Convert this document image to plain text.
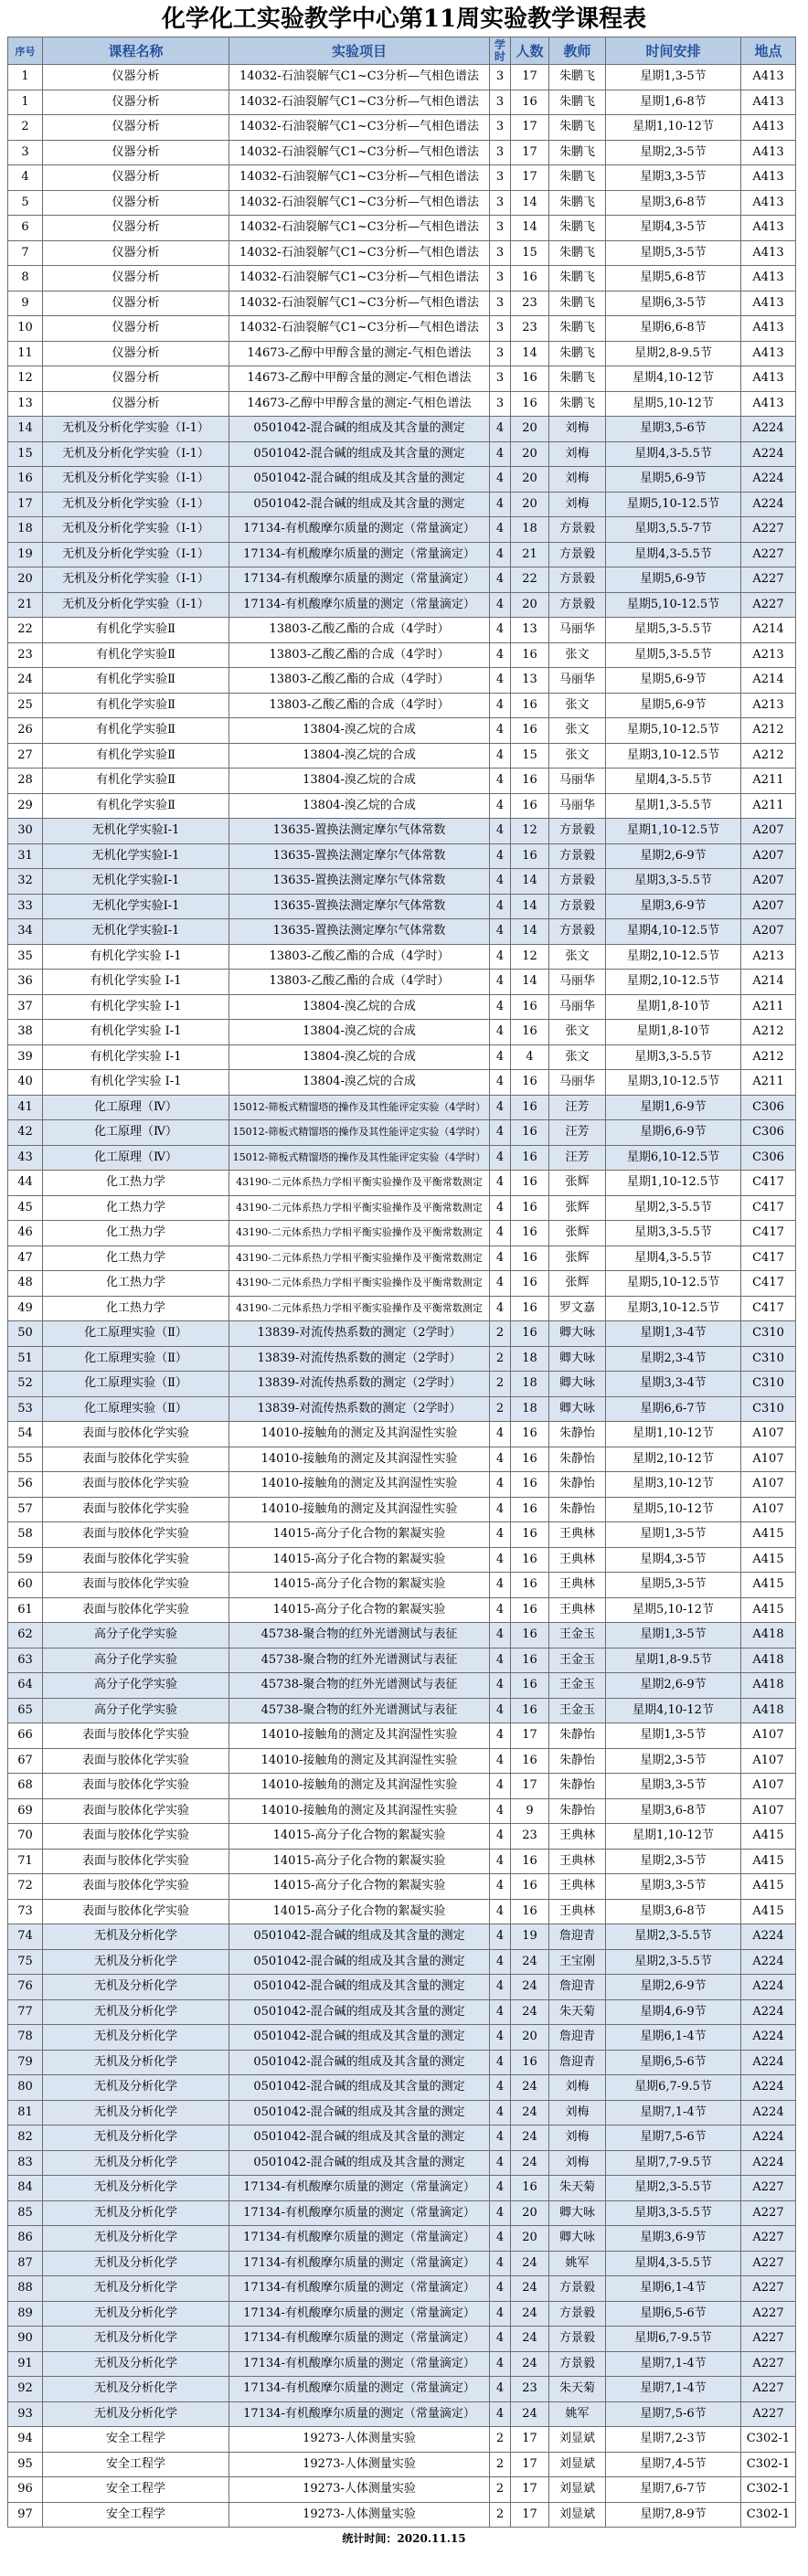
化学化工实验教学中心第11周实验教学课程表
序号	课程名称	实验项目	学时	人数	教师	时间安排	地点
1	仪器分析	14032-石油裂解气C1~C3分析—气相色谱法	3	17	朱鹏飞	星期1,3-5节	A413
1	仪器分析	14032-石油裂解气C1~C3分析—气相色谱法	3	16	朱鹏飞	星期1,6-8节	A413
2	仪器分析	14032-石油裂解气C1~C3分析—气相色谱法	3	17	朱鹏飞	星期1,10-12节	A413
3	仪器分析	14032-石油裂解气C1~C3分析—气相色谱法	3	17	朱鹏飞	星期2,3-5节	A413
4	仪器分析	14032-石油裂解气C1~C3分析—气相色谱法	3	17	朱鹏飞	星期3,3-5节	A413
5	仪器分析	14032-石油裂解气C1~C3分析—气相色谱法	3	14	朱鹏飞	星期3,6-8节	A413
6	仪器分析	14032-石油裂解气C1~C3分析—气相色谱法	3	14	朱鹏飞	星期4,3-5节	A413
7	仪器分析	14032-石油裂解气C1~C3分析—气相色谱法	3	15	朱鹏飞	星期5,3-5节	A413
8	仪器分析	14032-石油裂解气C1~C3分析—气相色谱法	3	16	朱鹏飞	星期5,6-8节	A413
9	仪器分析	14032-石油裂解气C1~C3分析—气相色谱法	3	23	朱鹏飞	星期6,3-5节	A413
10	仪器分析	14032-石油裂解气C1~C3分析—气相色谱法	3	23	朱鹏飞	星期6,6-8节	A413
11	仪器分析	14673-乙醇中甲醇含量的测定-气相色谱法	3	14	朱鹏飞	星期2,8-9.5节	A413
12	仪器分析	14673-乙醇中甲醇含量的测定-气相色谱法	3	16	朱鹏飞	星期4,10-12节	A413
13	仪器分析	14673-乙醇中甲醇含量的测定-气相色谱法	3	16	朱鹏飞	星期5,10-12节	A413
14	无机及分析化学实验（Ⅰ-1）	0501042-混合碱的组成及其含量的测定	4	20	刘梅	星期3,5-6节	A224
15	无机及分析化学实验（Ⅰ-1）	0501042-混合碱的组成及其含量的测定	4	20	刘梅	星期4,3-5.5节	A224
16	无机及分析化学实验（Ⅰ-1）	0501042-混合碱的组成及其含量的测定	4	20	刘梅	星期5,6-9节	A224
17	无机及分析化学实验（Ⅰ-1）	0501042-混合碱的组成及其含量的测定	4	20	刘梅	星期5,10-12.5节	A224
18	无机及分析化学实验（Ⅰ-1）	17134-有机酸摩尔质量的测定（常量滴定）	4	18	方景毅	星期3,5.5-7节	A227
19	无机及分析化学实验（Ⅰ-1）	17134-有机酸摩尔质量的测定（常量滴定）	4	21	方景毅	星期4,3-5.5节	A227
20	无机及分析化学实验（Ⅰ-1）	17134-有机酸摩尔质量的测定（常量滴定）	4	22	方景毅	星期5,6-9节	A227
21	无机及分析化学实验（Ⅰ-1）	17134-有机酸摩尔质量的测定（常量滴定）	4	20	方景毅	星期5,10-12.5节	A227
22	有机化学实验Ⅱ	13803-乙酸乙酯的合成（4学时）	4	13	马丽华	星期5,3-5.5节	A214
23	有机化学实验Ⅱ	13803-乙酸乙酯的合成（4学时）	4	16	张文	星期5,3-5.5节	A213
24	有机化学实验Ⅱ	13803-乙酸乙酯的合成（4学时）	4	13	马丽华	星期5,6-9节	A214
25	有机化学实验Ⅱ	13803-乙酸乙酯的合成（4学时）	4	16	张文	星期5,6-9节	A213
26	有机化学实验Ⅱ	13804-溴乙烷的合成	4	16	张文	星期5,10-12.5节	A212
27	有机化学实验Ⅱ	13804-溴乙烷的合成	4	15	张文	星期3,10-12.5节	A212
28	有机化学实验Ⅱ	13804-溴乙烷的合成	4	16	马丽华	星期4,3-5.5节	A211
29	有机化学实验Ⅱ	13804-溴乙烷的合成	4	16	马丽华	星期1,3-5.5节	A211
30	无机化学实验Ⅰ-1	13635-置换法测定摩尔气体常数	4	12	方景毅	星期1,10-12.5节	A207
31	无机化学实验Ⅰ-1	13635-置换法测定摩尔气体常数	4	16	方景毅	星期2,6-9节	A207
32	无机化学实验Ⅰ-1	13635-置换法测定摩尔气体常数	4	14	方景毅	星期3,3-5.5节	A207
33	无机化学实验Ⅰ-1	13635-置换法测定摩尔气体常数	4	14	方景毅	星期3,6-9节	A207
34	无机化学实验Ⅰ-1	13635-置换法测定摩尔气体常数	4	14	方景毅	星期4,10-12.5节	A207
35	有机化学实验 Ⅰ-1	13803-乙酸乙酯的合成（4学时）	4	12	张文	星期2,10-12.5节	A213
36	有机化学实验 Ⅰ-1	13803-乙酸乙酯的合成（4学时）	4	14	马丽华	星期2,10-12.5节	A214
37	有机化学实验 Ⅰ-1	13804-溴乙烷的合成	4	16	马丽华	星期1,8-10节	A211
38	有机化学实验 Ⅰ-1	13804-溴乙烷的合成	4	16	张文	星期1,8-10节	A212
39	有机化学实验 Ⅰ-1	13804-溴乙烷的合成	4	4	张文	星期3,3-5.5节	A212
40	有机化学实验 Ⅰ-1	13804-溴乙烷的合成	4	16	马丽华	星期3,10-12.5节	A211
41	化工原理（Ⅳ）	15012-筛板式精馏塔的操作及其性能评定实验（4学时）	4	16	汪芳	星期1,6-9节	C306
42	化工原理（Ⅳ）	15012-筛板式精馏塔的操作及其性能评定实验（4学时）	4	16	汪芳	星期6,6-9节	C306
43	化工原理（Ⅳ）	15012-筛板式精馏塔的操作及其性能评定实验（4学时）	4	16	汪芳	星期6,10-12.5节	C306
44	化工热力学	43190-二元体系热力学相平衡实验操作及平衡常数测定	4	16	张辉	星期1,10-12.5节	C417
45	化工热力学	43190-二元体系热力学相平衡实验操作及平衡常数测定	4	16	张辉	星期2,3-5.5节	C417
46	化工热力学	43190-二元体系热力学相平衡实验操作及平衡常数测定	4	16	张辉	星期3,3-5.5节	C417
47	化工热力学	43190-二元体系热力学相平衡实验操作及平衡常数测定	4	16	张辉	星期4,3-5.5节	C417
48	化工热力学	43190-二元体系热力学相平衡实验操作及平衡常数测定	4	16	张辉	星期5,10-12.5节	C417
49	化工热力学	43190-二元体系热力学相平衡实验操作及平衡常数测定	4	16	罗文嘉	星期3,10-12.5节	C417
50	化工原理实验（Ⅱ）	13839-对流传热系数的测定（2学时）	2	16	卿大咏	星期1,3-4节	C310
51	化工原理实验（Ⅱ）	13839-对流传热系数的测定（2学时）	2	18	卿大咏	星期2,3-4节	C310
52	化工原理实验（Ⅱ）	13839-对流传热系数的测定（2学时）	2	18	卿大咏	星期3,3-4节	C310
53	化工原理实验（Ⅱ）	13839-对流传热系数的测定（2学时）	2	18	卿大咏	星期6,6-7节	C310
54	表面与胶体化学实验	14010-接触角的测定及其润湿性实验	4	16	朱静怡	星期1,10-12节	A107
55	表面与胶体化学实验	14010-接触角的测定及其润湿性实验	4	16	朱静怡	星期2,10-12节	A107
56	表面与胶体化学实验	14010-接触角的测定及其润湿性实验	4	16	朱静怡	星期3,10-12节	A107
57	表面与胶体化学实验	14010-接触角的测定及其润湿性实验	4	16	朱静怡	星期5,10-12节	A107
58	表面与胶体化学实验	14015-高分子化合物的絮凝实验	4	16	王典林	星期1,3-5节	A415
59	表面与胶体化学实验	14015-高分子化合物的絮凝实验	4	16	王典林	星期4,3-5节	A415
60	表面与胶体化学实验	14015-高分子化合物的絮凝实验	4	16	王典林	星期5,3-5节	A415
61	表面与胶体化学实验	14015-高分子化合物的絮凝实验	4	16	王典林	星期5,10-12节	A415
62	高分子化学实验	45738-聚合物的红外光谱测试与表征	4	16	王金玉	星期1,3-5节	A418
63	高分子化学实验	45738-聚合物的红外光谱测试与表征	4	16	王金玉	星期1,8-9.5节	A418
64	高分子化学实验	45738-聚合物的红外光谱测试与表征	4	16	王金玉	星期2,6-9节	A418
65	高分子化学实验	45738-聚合物的红外光谱测试与表征	4	16	王金玉	星期4,10-12节	A418
66	表面与胶体化学实验	14010-接触角的测定及其润湿性实验	4	17	朱静怡	星期1,3-5节	A107
67	表面与胶体化学实验	14010-接触角的测定及其润湿性实验	4	16	朱静怡	星期2,3-5节	A107
68	表面与胶体化学实验	14010-接触角的测定及其润湿性实验	4	17	朱静怡	星期3,3-5节	A107
69	表面与胶体化学实验	14010-接触角的测定及其润湿性实验	4	9	朱静怡	星期3,6-8节	A107
70	表面与胶体化学实验	14015-高分子化合物的絮凝实验	4	23	王典林	星期1,10-12节	A415
71	表面与胶体化学实验	14015-高分子化合物的絮凝实验	4	16	王典林	星期2,3-5节	A415
72	表面与胶体化学实验	14015-高分子化合物的絮凝实验	4	16	王典林	星期3,3-5节	A415
73	表面与胶体化学实验	14015-高分子化合物的絮凝实验	4	16	王典林	星期3,6-8节	A415
74	无机及分析化学	0501042-混合碱的组成及其含量的测定	4	19	詹迎青	星期2,3-5.5节	A224
75	无机及分析化学	0501042-混合碱的组成及其含量的测定	4	24	王宝刚	星期2,3-5.5节	A224
76	无机及分析化学	0501042-混合碱的组成及其含量的测定	4	24	詹迎青	星期2,6-9节	A224
77	无机及分析化学	0501042-混合碱的组成及其含量的测定	4	24	朱天菊	星期4,6-9节	A224
78	无机及分析化学	0501042-混合碱的组成及其含量的测定	4	20	詹迎青	星期6,1-4节	A224
79	无机及分析化学	0501042-混合碱的组成及其含量的测定	4	16	詹迎青	星期6,5-6节	A224
80	无机及分析化学	0501042-混合碱的组成及其含量的测定	4	24	刘梅	星期6,7-9.5节	A224
81	无机及分析化学	0501042-混合碱的组成及其含量的测定	4	24	刘梅	星期7,1-4节	A224
82	无机及分析化学	0501042-混合碱的组成及其含量的测定	4	24	刘梅	星期7,5-6节	A224
83	无机及分析化学	0501042-混合碱的组成及其含量的测定	4	24	刘梅	星期7,7-9.5节	A224
84	无机及分析化学	17134-有机酸摩尔质量的测定（常量滴定）	4	16	朱天菊	星期2,3-5.5节	A227
85	无机及分析化学	17134-有机酸摩尔质量的测定（常量滴定）	4	20	卿大咏	星期3,3-5.5节	A227
86	无机及分析化学	17134-有机酸摩尔质量的测定（常量滴定）	4	20	卿大咏	星期3,6-9节	A227
87	无机及分析化学	17134-有机酸摩尔质量的测定（常量滴定）	4	24	姚军	星期4,3-5.5节	A227
88	无机及分析化学	17134-有机酸摩尔质量的测定（常量滴定）	4	24	方景毅	星期6,1-4节	A227
89	无机及分析化学	17134-有机酸摩尔质量的测定（常量滴定）	4	24	方景毅	星期6,5-6节	A227
90	无机及分析化学	17134-有机酸摩尔质量的测定（常量滴定）	4	24	方景毅	星期6,7-9.5节	A227
91	无机及分析化学	17134-有机酸摩尔质量的测定（常量滴定）	4	24	方景毅	星期7,1-4节	A227
92	无机及分析化学	17134-有机酸摩尔质量的测定（常量滴定）	4	23	朱天菊	星期7,1-4节	A227
93	无机及分析化学	17134-有机酸摩尔质量的测定（常量滴定）	4	24	姚军	星期7,5-6节	A227
94	安全工程学	19273-人体测量实验	2	17	刘显斌	星期7,2-3节	C302-1
95	安全工程学	19273-人体测量实验	2	17	刘显斌	星期7,4-5节	C302-1
96	安全工程学	19273-人体测量实验	2	17	刘显斌	星期7,6-7节	C302-1
97	安全工程学	19273-人体测量实验	2	17	刘显斌	星期7,8-9节	C302-1
统计时间：2020.11.15
